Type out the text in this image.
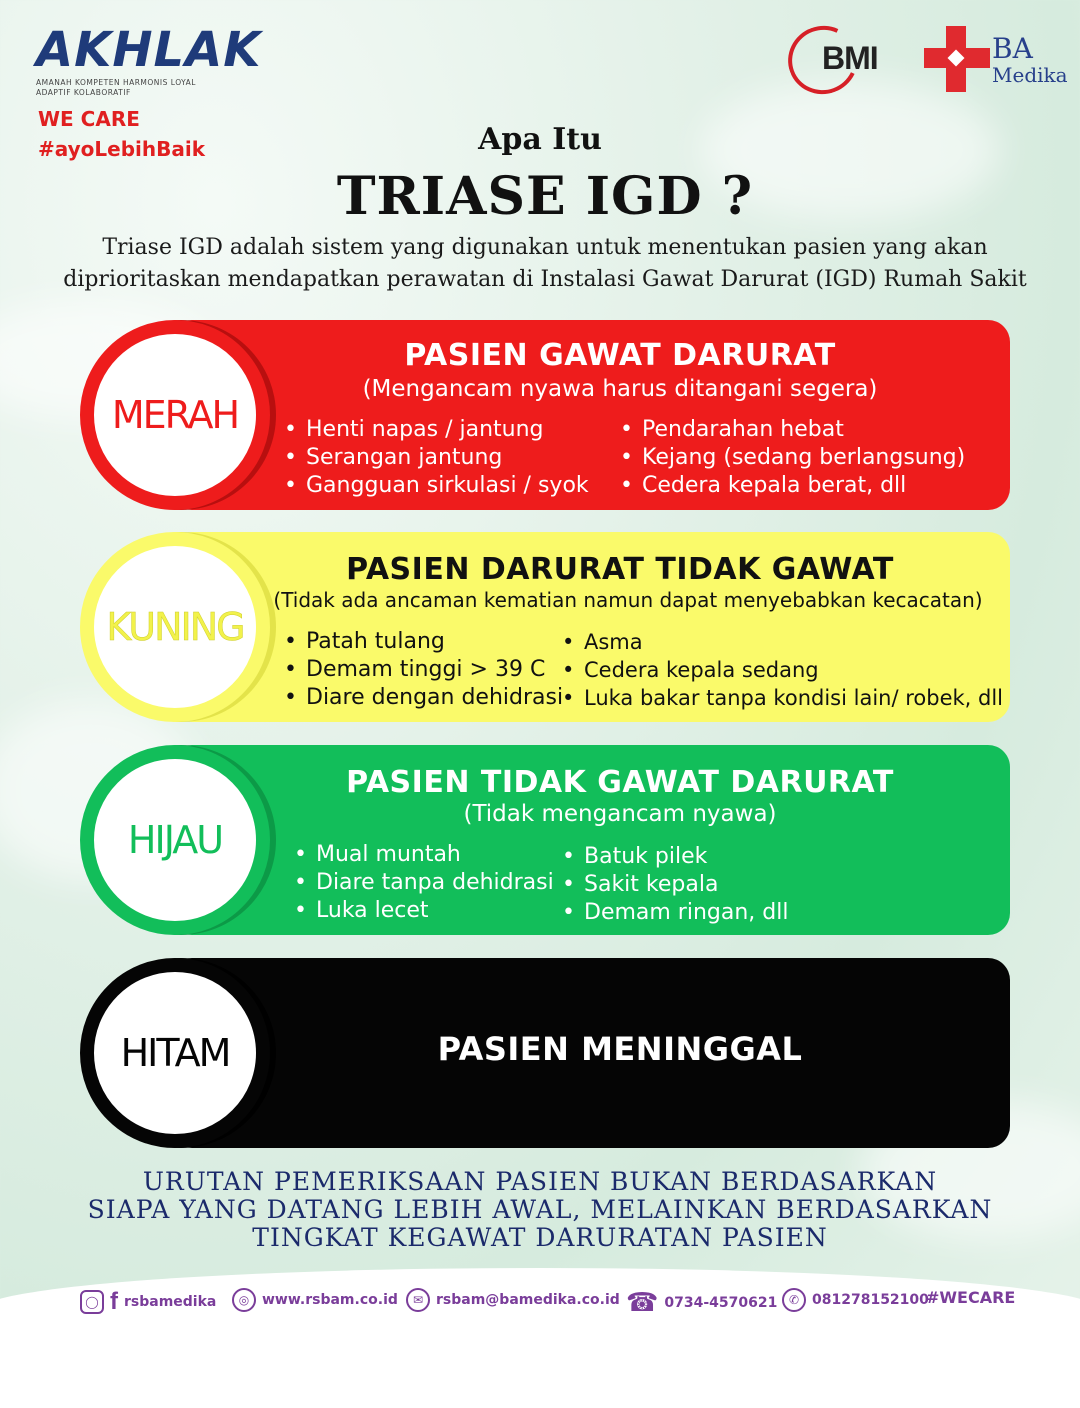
AKHLAK
AMANAH KOMPETEN HARMONIS LOYAL ADAPTIF KOLABORATIF
WE CARE
#ayoLebihBaik
BMI	BA
Medika
Apa Itu
TRIASE IGD ?
Triase IGD adalah sistem yang digunakan untuk menentukan pasien yang akan
diprioritaskan mendapatkan perawatan di Instalasi Gawat Darurat (IGD) Rumah Sakit
MERAH
PASIEN GAWAT DARURAT
(Mengancam nyawa harus ditangani segera)
• Henti napas / jantung
• Serangan jantung
• Gangguan sirkulasi / syok
• Pendarahan hebat
• Kejang (sedang berlangsung)
• Cedera kepala berat, dll
KUNING
PASIEN DARURAT TIDAK GAWAT
(Tidak ada ancaman kematian namun dapat menyebabkan kecacatan)
• Patah tulang
• Demam tinggi > 39 C
• Diare dengan dehidrasi
• Asma
• Cedera kepala sedang
• Luka bakar tanpa kondisi lain/ robek, dll
HIJAU
PASIEN TIDAK GAWAT DARURAT
(Tidak mengancam nyawa)
• Mual muntah
• Diare tanpa dehidrasi
• Luka lecet
• Batuk pilek
• Sakit kepala
• Demam ringan, dll
HITAM	PASIEN MENINGGAL
URUTAN PEMERIKSAAN PASIEN BUKAN BERDASARKAN
SIAPA YANG DATANG LEBIH AWAL, MELAINKAN BERDASARKAN
TINGKAT KEGAWAT DARURATAN PASIEN
◯ f rsbamedika	◎ www.rsbam.co.id	✉ rsbam@bamedika.co.id ☎ 0734-4570621 ✆ 081278152100
#WECARE
